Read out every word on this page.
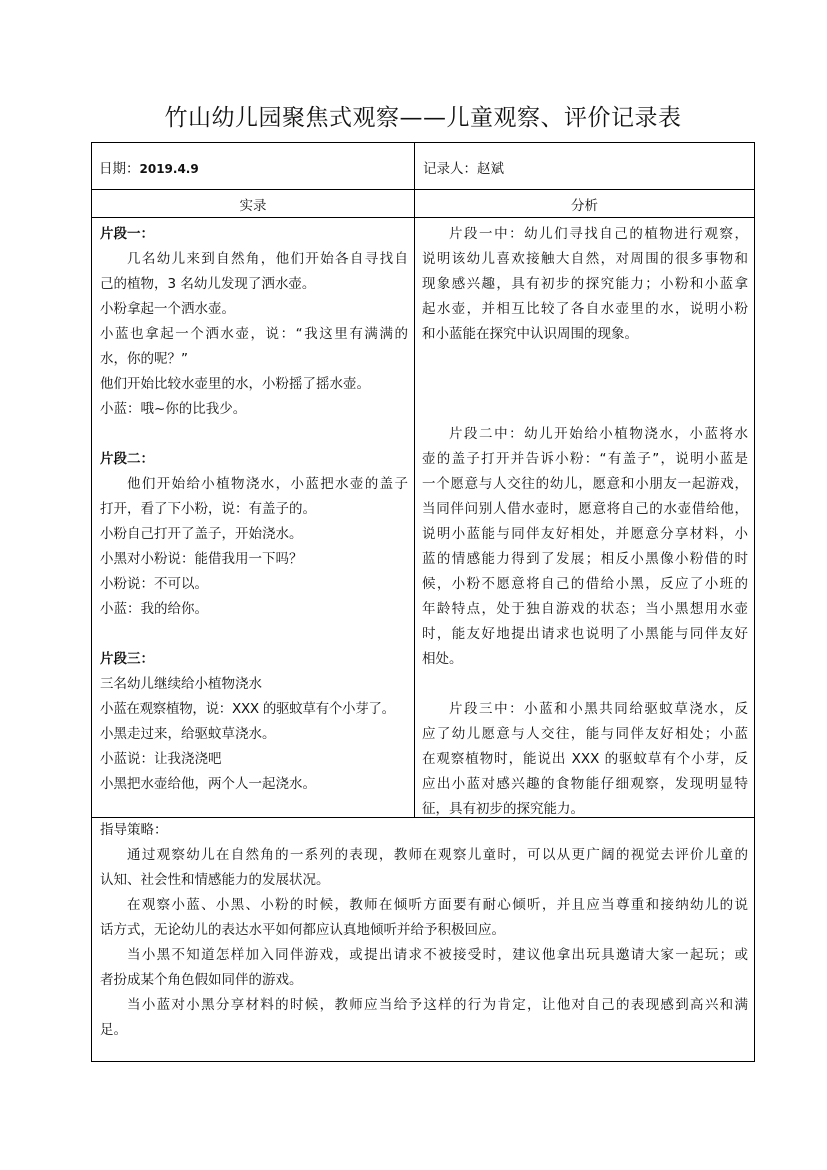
竹山幼儿园聚焦式观察——儿童观察、评价记录表
日期：2019.4.9	记录人：赵斌
实录	分析
片段一：
几名幼儿来到自然角，他们开始各自寻找自
己的植物，3 名幼儿发现了洒水壶。
小粉拿起一个洒水壶。
小蓝也拿起一个洒水壶，说：“我这里有满满的
水，你的呢？”
他们开始比较水壶里的水，小粉摇了摇水壶。
小蓝：哦~你的比我少。

片段二：
他们开始给小植物浇水，小蓝把水壶的盖子
打开，看了下小粉，说：有盖子的。
小粉自己打开了盖子，开始浇水。
小黑对小粉说：能借我用一下吗？
小粉说：不可以。
小蓝：我的给你。

片段三：
三名幼儿继续给小植物浇水
小蓝在观察植物，说：XXX 的驱蚊草有个小芽了。
小黑走过来，给驱蚊草浇水。
小蓝说：让我浇浇吧
小黑把水壶给他，两个人一起浇水。
片段一中：幼儿们寻找自己的植物进行观察，
说明该幼儿喜欢接触大自然，对周围的很多事物和
现象感兴趣，具有初步的探究能力；小粉和小蓝拿
起水壶，并相互比较了各自水壶里的水，说明小粉
和小蓝能在探究中认识周围的现象。

片段二中：幼儿开始给小植物浇水，小蓝将水
壶的盖子打开并告诉小粉：“有盖子”，说明小蓝是
一个愿意与人交往的幼儿，愿意和小朋友一起游戏，
当同伴问别人借水壶时，愿意将自己的水壶借给他，
说明小蓝能与同伴友好相处，并愿意分享材料，小
蓝的情感能力得到了发展；相反小黑像小粉借的时
候，小粉不愿意将自己的借给小黑，反应了小班的
年龄特点，处于独自游戏的状态；当小黑想用水壶
时，能友好地提出请求也说明了小黑能与同伴友好
相处。

片段三中：小蓝和小黑共同给驱蚊草浇水，反
应了幼儿愿意与人交往，能与同伴友好相处；小蓝
在观察植物时，能说出 XXX 的驱蚊草有个小芽，反
应出小蓝对感兴趣的食物能仔细观察，发现明显特
征，具有初步的探究能力。
指导策略：
通过观察幼儿在自然角的一系列的表现，教师在观察儿童时，可以从更广阔的视觉去评价儿童的
认知、社会性和情感能力的发展状况。
在观察小蓝、小黑、小粉的时候，教师在倾听方面要有耐心倾听，并且应当尊重和接纳幼儿的说
话方式，无论幼儿的表达水平如何都应认真地倾听并给予积极回应。
当小黑不知道怎样加入同伴游戏，或提出请求不被接受时，建议他拿出玩具邀请大家一起玩；或
者扮成某个角色假如同伴的游戏。
当小蓝对小黑分享材料的时候，教师应当给予这样的行为肯定，让他对自己的表现感到高兴和满
足。
